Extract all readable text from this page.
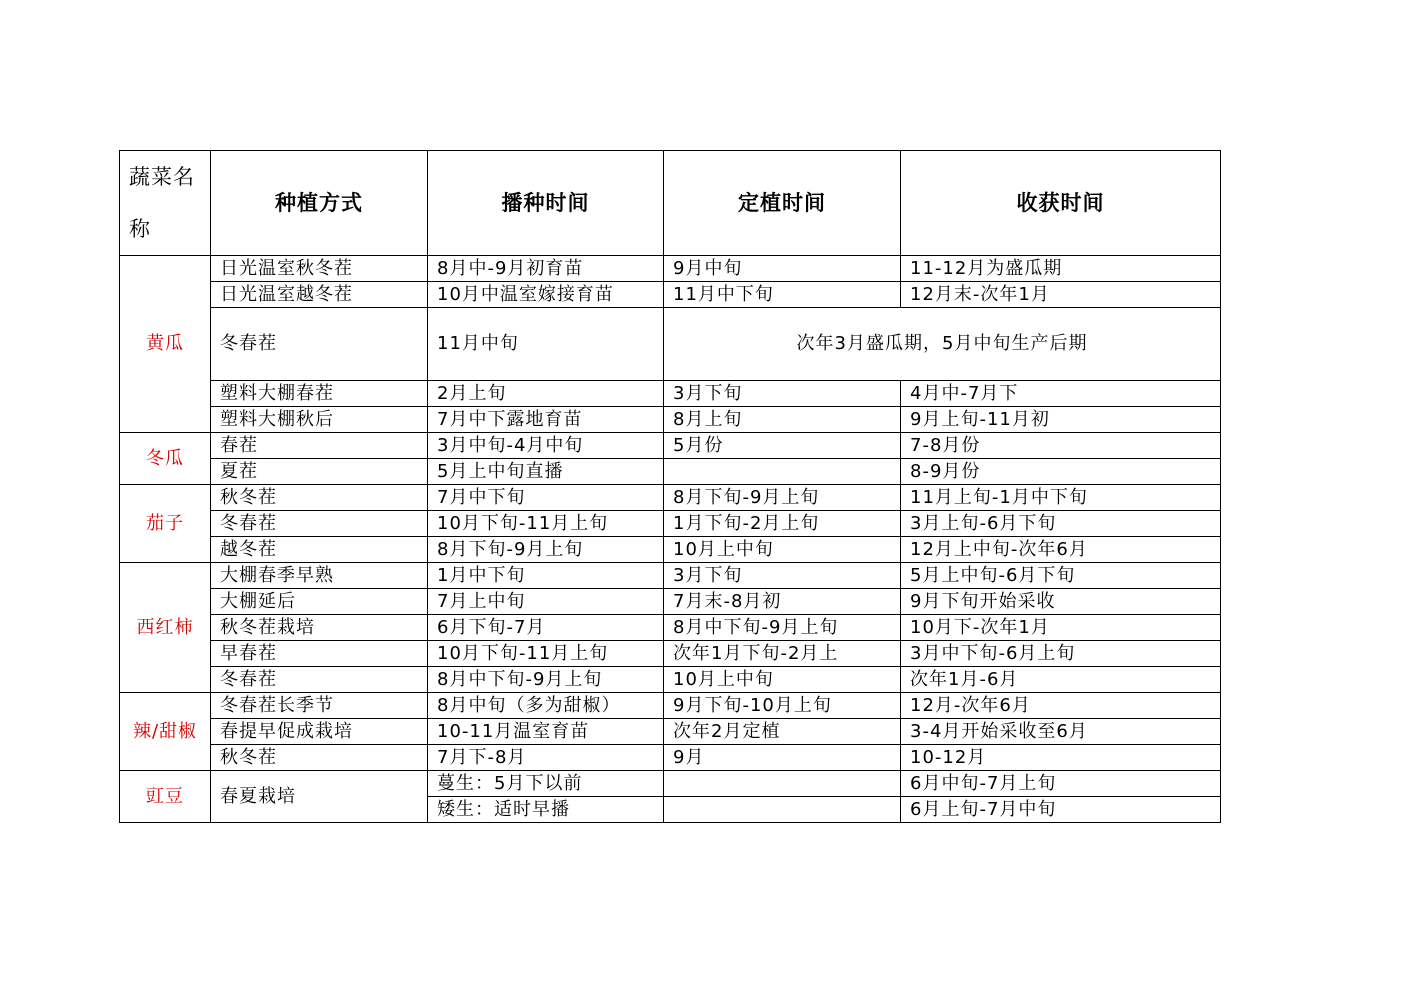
蔬菜名称	种植方式	播种时间	定植时间	收获时间
黄瓜	日光温室秋冬茬	8月中-9月初育苗	9月中旬	11-12月为盛瓜期
	日光温室越冬茬	10月中温室嫁接育苗	11月中下旬	12月末-次年1月
	冬春茬	11月中旬	次年3月盛瓜期，5月中旬生产后期	
	塑料大棚春茬	2月上旬	3月下旬	4月中-7月下
	塑料大棚秋后	7月中下露地育苗	8月上旬	9月上旬-11月初
冬瓜	春茬	3月中旬-4月中旬	5月份	7-8月份
	夏茬	5月上中旬直播		8-9月份
茄子	秋冬茬	7月中下旬	8月下旬-9月上旬	11月上旬-1月中下旬
	冬春茬	10月下旬-11月上旬	1月下旬-2月上旬	3月上旬-6月下旬
	越冬茬	8月下旬-9月上旬	10月上中旬	12月上中旬-次年6月
西红柿	大棚春季早熟	1月中下旬	3月下旬	5月上中旬-6月下旬
	大棚延后	7月上中旬	7月末-8月初	9月下旬开始采收
	秋冬茬栽培	6月下旬-7月	8月中下旬-9月上旬	10月下-次年1月
	早春茬	10月下旬-11月上旬	次年1月下旬-2月上	3月中下旬-6月上旬
	冬春茬	8月中下旬-9月上旬	10月上中旬	次年1月-6月
辣/甜椒	冬春茬长季节	8月中旬（多为甜椒）	9月下旬-10月上旬	12月-次年6月
	春提早促成栽培	10-11月温室育苗	次年2月定植	3-4月开始采收至6月
	秋冬茬	7月下-8月	9月	10-12月
豇豆	春夏栽培	蔓生：5月下以前		6月中旬-7月上旬
		矮生：适时早播		6月上旬-7月中旬
